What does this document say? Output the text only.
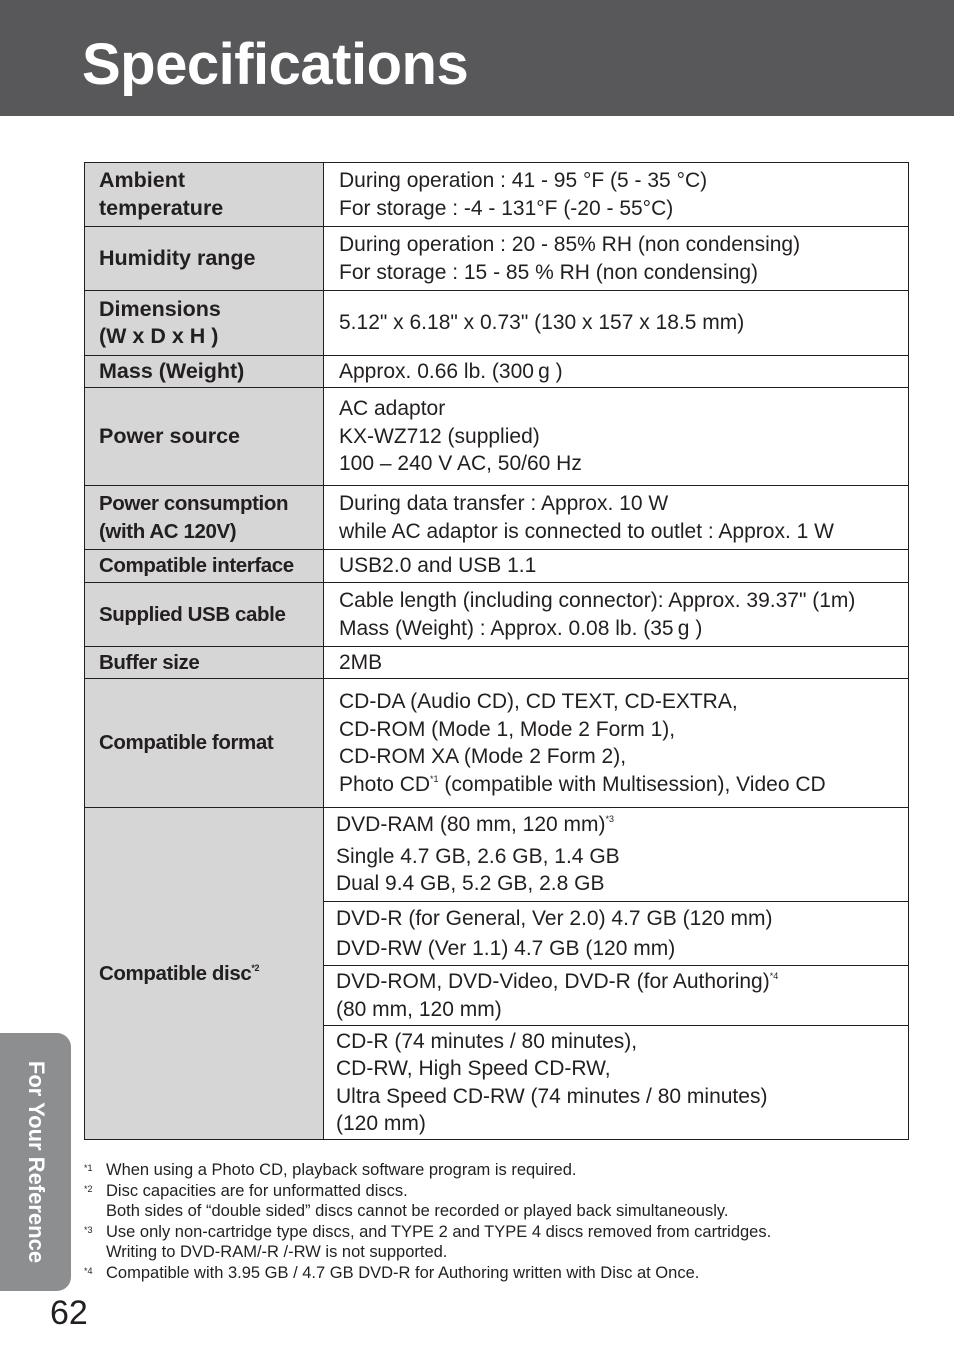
Specifications
Ambient
temperature	During operation : 41 - 95 °F (5 - 35 °C)
For storage : -4 - 131°F (-20 - 55°C)

Humidity range	During operation : 20 - 85% RH (non condensing)
For storage : 15 - 85 % RH (non condensing)

Dimensions
(W x D x H )	5.12" x 6.18" x 0.73" (130 x 157 x 18.5 mm)
Mass (Weight)	Approx. 0.66 lb. (300 g )
Power source	AC adaptor
KX-WZ712 (supplied)
100 – 240 V AC, 50/60 Hz

Power consumption
(with AC 120V)	During data transfer : Approx. 10 W
while AC adaptor is connected to outlet : Approx. 1 W

Compatible interface	USB2.0 and USB 1.1
Supplied USB cable	Cable length (including connector): Approx. 39.37" (1m)
Mass (Weight) : Approx. 0.08 lb. (35 g )

Buffer size	2MB
Compatible format	CD-DA (Audio CD), CD TEXT, CD-EXTRA,
CD-ROM (Mode 1, Mode 2 Form 1),
CD-ROM XA (Mode 2 Form 2),
Photo CD$^{*1}$ (compatible with Multisession), Video CD

Compatible disc$^{*2}$	DVD-RAM (80 mm, 120 mm)$^{*3}$
Single 4.7 GB, 2.6 GB, 1.4 GB
Dual 9.4 GB, 5.2 GB, 2.8 GB

	DVD-R (for General, Ver 2.0) 4.7 GB (120 mm)
DVD-RW (Ver 1.1) 4.7 GB (120 mm)

	DVD-ROM, DVD-Video, DVD-R (for Authoring)$^{*4}$
(80 mm, 120 mm)

	CD-R (74 minutes / 80 minutes),
CD-RW, High Speed CD-RW,
Ultra Speed CD-RW (74 minutes / 80 minutes)
(120 mm)
*1 When using a Photo CD, playback software program is required.
*2 Disc capacities are for unformatted discs.
Both sides of “double sided” discs cannot be recorded or played back simultaneously.
*3 Use only non-cartridge type discs, and TYPE 2 and TYPE 4 discs removed from cartridges.
Writing to DVD-RAM/-R /-RW is not supported.
*4 Compatible with 3.95 GB / 4.7 GB DVD-R for Authoring written with Disc at Once.
For Your Reference
62
